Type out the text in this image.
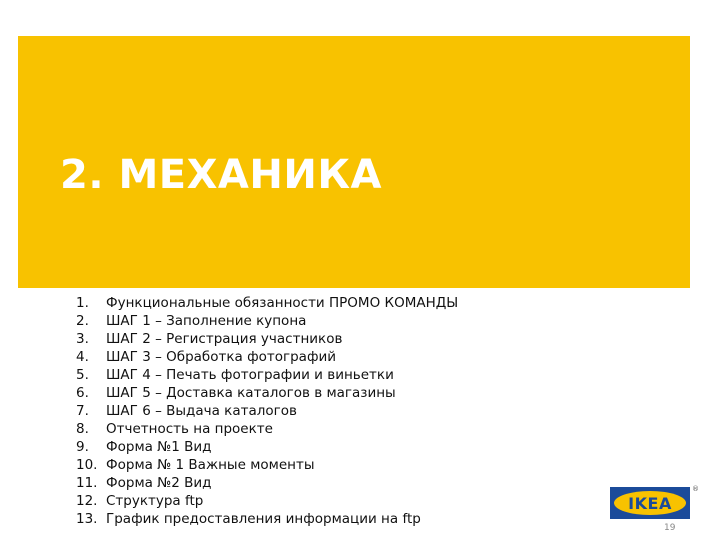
2. МЕХАНИКА
1. Функциональные обязанности ПРОМО КОМАНДЫ
2. ШАГ 1 – Заполнение купона
3. ШАГ 2 – Регистрация участников
4. ШАГ 3 – Обработка фотографий
5. ШАГ 4 – Печать фотографии и виньетки
6. ШАГ 5 – Доставка каталогов в магазины
7. ШАГ 6 – Выдача каталогов
8. Отчетность на проекте
9. Форма №1 Вид
10. Форма № 1 Важные моменты
11. Форма №2 Вид
12. Структура ftp
13. График предоставления информации на ftp
IKEA
®
19
